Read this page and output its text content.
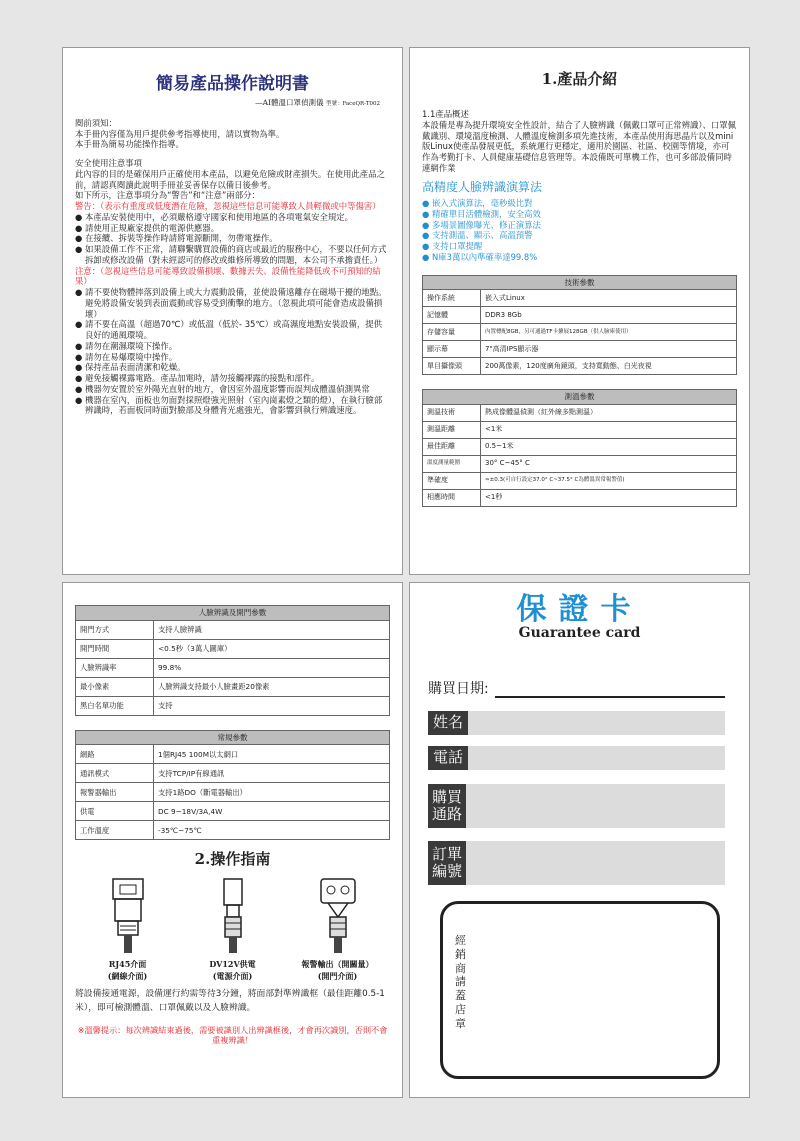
簡易產品操作說明書
—AI體溫口罩偵測儀 型號：FaceQR-T002
閱前須知：
本手冊內容僅為用戶提供參考指導使用，請以實物為準。
本手冊為簡易功能操作指導。
安全使用注意事項
此內容的目的是確保用戶正確使用本產品，以避免危險或財產損失。在使用此產品之前，請認真閱讀此說明手冊並妥善保存以備日後參考。
如下所示，注意事項分為“警告”和“注意”兩部分：
警告：（表示有重度或低度潛在危險，忽視這些信息可能導致人員輕微或中等傷害）
● 本產品安裝使用中，必須嚴格遵守國家和使用地區的各項電氣安全規定。
● 請使用正規廠家提供的電源供應器。
● 在接纜、拆裝等操作時請將電源斷開，勿帶電操作。
● 如果設備工作不正常，請聯繫購買設備的商店或最近的服務中心，不要以任何方式拆卸或修改設備（對未經認可的修改或維修所導致的問題，本公司不承擔責任。）
注意：（忽視這些信息可能導致設備損壞、數據丟失、設備性能降低或不可預知的結果）
● 請不要使物體摔落到設備上或大力震動設備，並使設備遠離存在磁場干擾的地點。避免將設備安裝到表面震動或容易受到衝擊的地方。（忽視此項可能會造成設備損壞）
● 請不要在高溫（超過70℃）或低溫（低於- 35℃）或高濕度地點安裝設備，提供良好的通風環境。
● 請勿在潮濕環境下操作。
● 請勿在易爆環境中操作。
● 保持產品表面清潔和乾燥。
● 避免接觸裸露電路。產品加電時，請勿接觸裸露的接點和部件。
● 機器勿安置於室外陽光直射的地方，會因室外溫度影響而誤判成體溫偵測異常
● 機器在室內，面板也勿面對採照燈強光照射（室內崗素燈之類的燈），在執行臉部辨識時，若面板同時面對臉部及身體背光處強光，會影響到執行辨識速度。
1.產品介紹
1.1產品概述
本設備是專為提升環境安全性設計，結合了人臉辨識（佩戴口罩可正常辨識）、口罩佩戴識別、環境溫度檢測、人體溫度檢測多項先進技術，本產品使用海思晶片以及mini版Linux使產品發展更低，系統運行更穩定，適用於園區、社區、校園等情境，亦可作為考勤打卡、人員健康基礎信息管理等。本設備既可單機工作，也可多部設備同時連網作業
高精度人臉辨識演算法
● 嵌入式演算法，毫秒級比對
● 精確單目活體檢測，安全高效
● 多場景圖像曝光、修正演算法
● 支持測溫、顯示、高溫預警
● 支持口罩提醒
● N庫3萬以內準確率達99.8%
技術參數	
操作系統	嵌入式Linux
記憶體	DDR3 8Gb
存儲容量	內置標配8GB，另可通過TF卡擴展128GB（供人臉庫使用）
顯示幕	7"高清IPS顯示器
單目攝像頭	200萬像素，120度廣角鏡頭，支持寬動態、白光夜視
測溫參數	
測溫技術	熱成像體溫偵測（紅外線多點測溫）
測溫距離	<1米
最佳距離	0.5~1米
溫度測量範圍	30° C~45° C
準確度	≈±0.3(可自行設定37.0° C~37.5° C為體溫異常報警值)
相應時間	<1秒
人臉辨識及開門參數	
開門方式	支持人臉辨識
開門時間	<0.5秒（3萬人圖庫）
人臉辨識率	99.8%
最小像素	人臉辨識支持最小人臉畫距20像素
黑白名單功能	支持
常規參數	
網路	1個RJ45 100M以太網口
通訊模式	支持TCP/IP有線通訊
報警器輸出	支持1路DO（斷電器輸出）
供電	DC 9~18V/3A,4W
工作溫度	-35℃~75℃
2.操作指南
RJ45介面
(網線介面)
DV12V供電
(電源介面)
報警輸出（開關量）
(開門介面)
將設備接通電源，設備運行約需等待3分鐘，將面部對準辨識框（最佳距離0.5-1米），即可檢測體溫、口罩佩戴以及人臉辨識。
※溫馨提示：每次辨識結束過後，需要被識別人出辨識框後，才會再次識別，否則不會重複辨識！
保證卡
Guarantee card
購買日期:
姓名
電話
購買通路
訂單編號
經銷商請蓋店章
